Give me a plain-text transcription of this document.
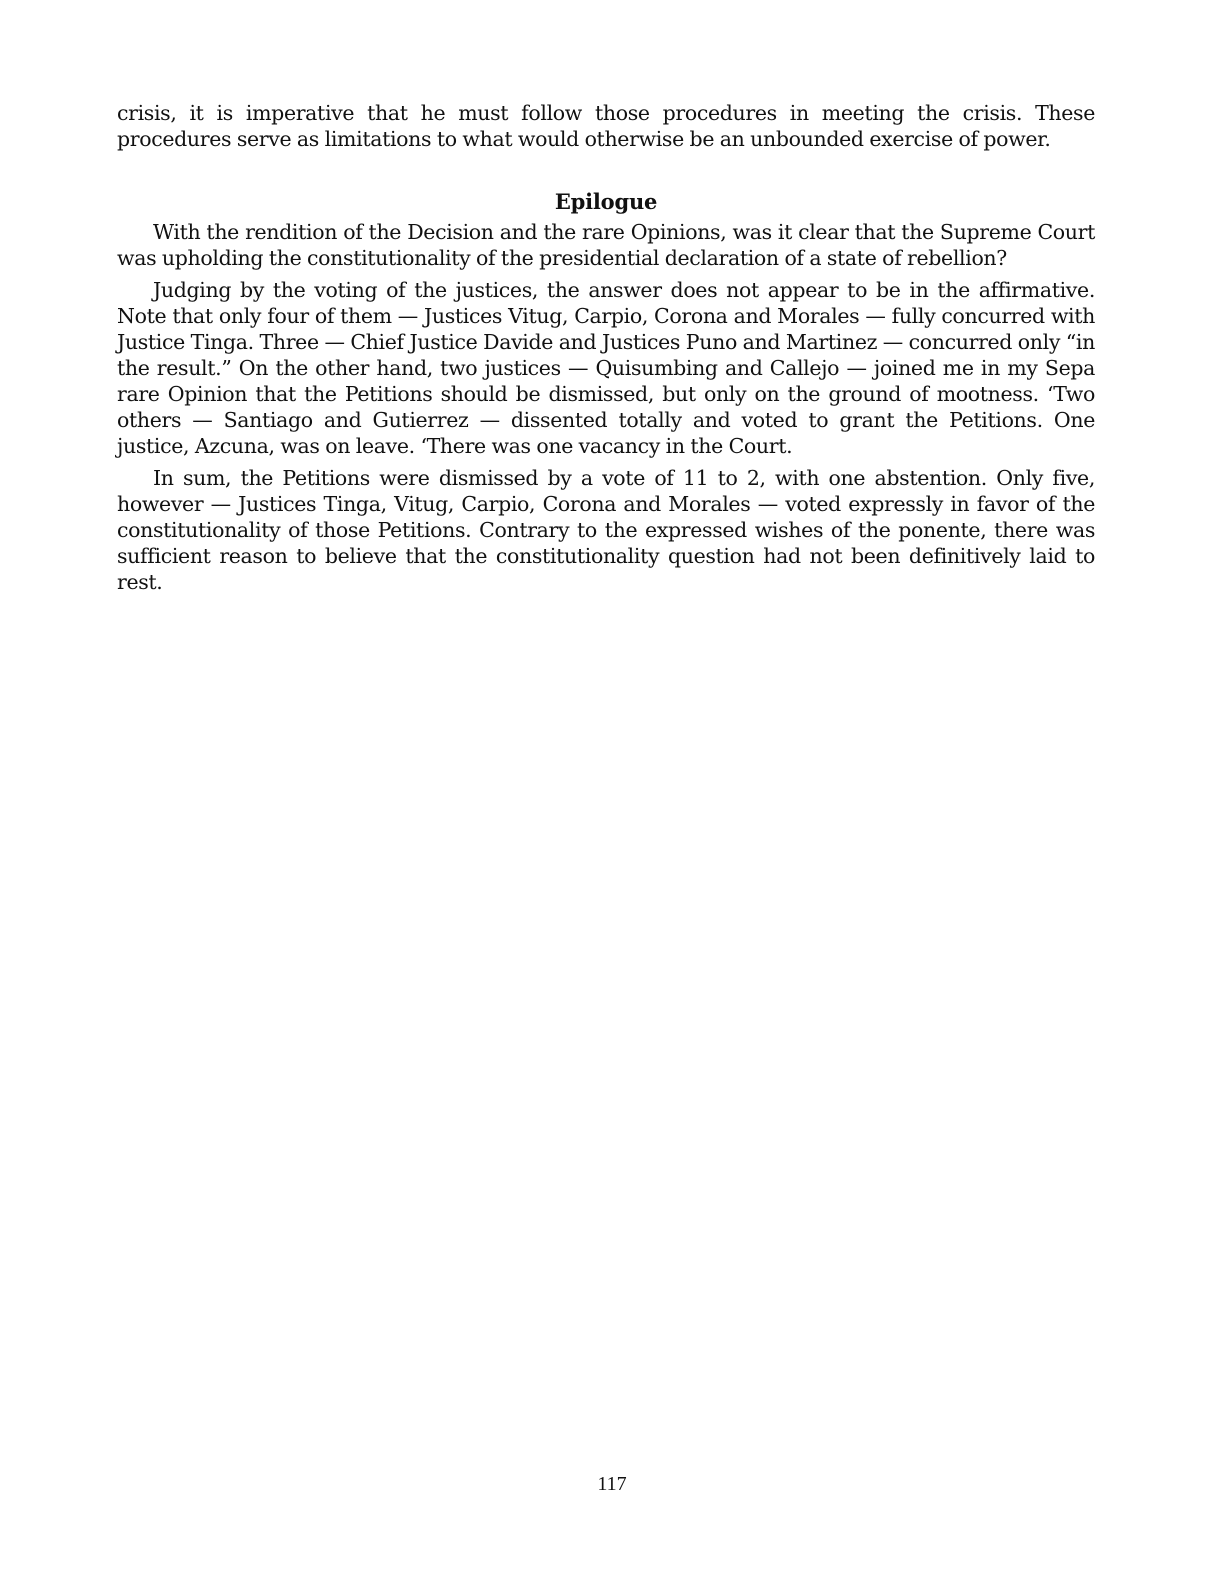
crisis, it is imperative that he must follow those procedures in meeting the crisis. These procedures serve as limitations to what would otherwise be an unbounded exercise of power.

Epilogue

With the rendition of the Decision and the rare Opinions, was it clear that the Supreme Court was upholding the constitutionality of the presidential declaration of a state of rebellion?

Judging by the voting of the justices, the answer does not appear to be in the affirmative. Note that only four of them — Justices Vitug, Carpio, Corona and Morales — fully concurred with Justice Tinga. Three — Chief Justice Davide and Justices Puno and Martinez — concurred only “in the result.” On the other hand, two justices — Quisumbing and Callejo — joined me in my Sepa rare Opinion that the Petitions should be dismissed, but only on the ground of mootness. ‘Two others — Santiago and Gutierrez — dissented totally and voted to grant the Petitions. One justice, Azcuna, was on leave. ‘There was one vacancy in the Court.

In sum, the Petitions were dismissed by a vote of 11 to 2, with one abstention. Only five, however — Justices Tinga, Vitug, Carpio, Corona and Morales — voted expressly in favor of the constitutionality of those Petitions. Contrary to the expressed wishes of the ponente, there was sufficient reason to believe that the constitutionality question had not been definitively laid to rest.

117
